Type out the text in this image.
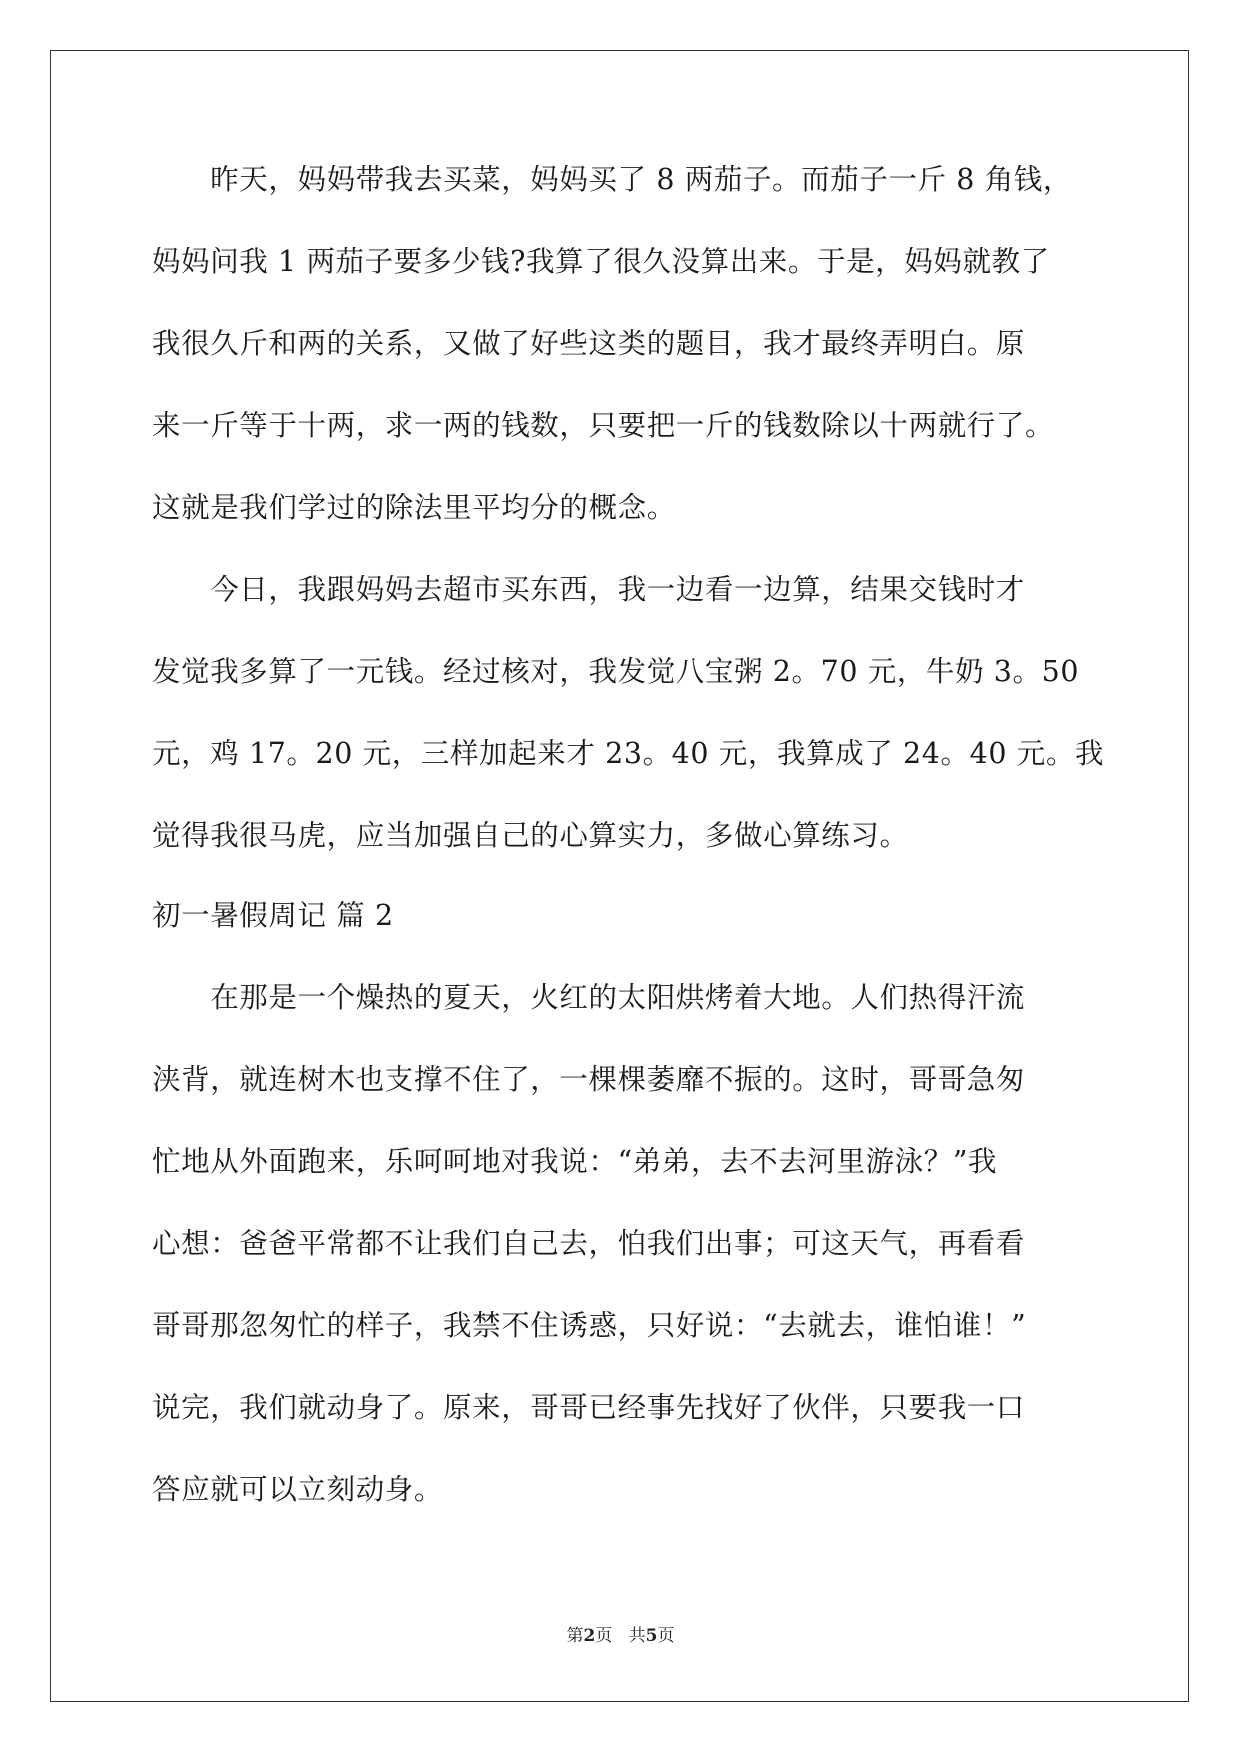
　　昨天，妈妈带我去买菜，妈妈买了 8 两茄子。而茄子一斤 8 角钱，
妈妈问我 1 两茄子要多少钱?我算了很久没算出来。于是，妈妈就教了
我很久斤和两的关系，又做了好些这类的题目，我才最终弄明白。原
来一斤等于十两，求一两的钱数，只要把一斤的钱数除以十两就行了。
这就是我们学过的除法里平均分的概念。
　　今日，我跟妈妈去超市买东西，我一边看一边算，结果交钱时才
发觉我多算了一元钱。经过核对，我发觉八宝粥 2。70 元，牛奶 3。50
元，鸡 17。20 元，三样加起来才 23。40 元，我算成了 24。40 元。我
觉得我很马虎，应当加强自己的心算实力，多做心算练习。
初一暑假周记 篇 2
　　在那是一个燥热的夏天，火红的太阳烘烤着大地。人们热得汗流
浃背，就连树木也支撑不住了，一棵棵萎靡不振的。这时，哥哥急匆
忙地从外面跑来，乐呵呵地对我说：“弟弟，去不去河里游泳？”我
心想：爸爸平常都不让我们自己去，怕我们出事；可这天气，再看看
哥哥那忽匆忙的样子，我禁不住诱惑，只好说：“去就去，谁怕谁！”
说完，我们就动身了。原来，哥哥已经事先找好了伙伴，只要我一口
答应就可以立刻动身。
第2页 共5页
